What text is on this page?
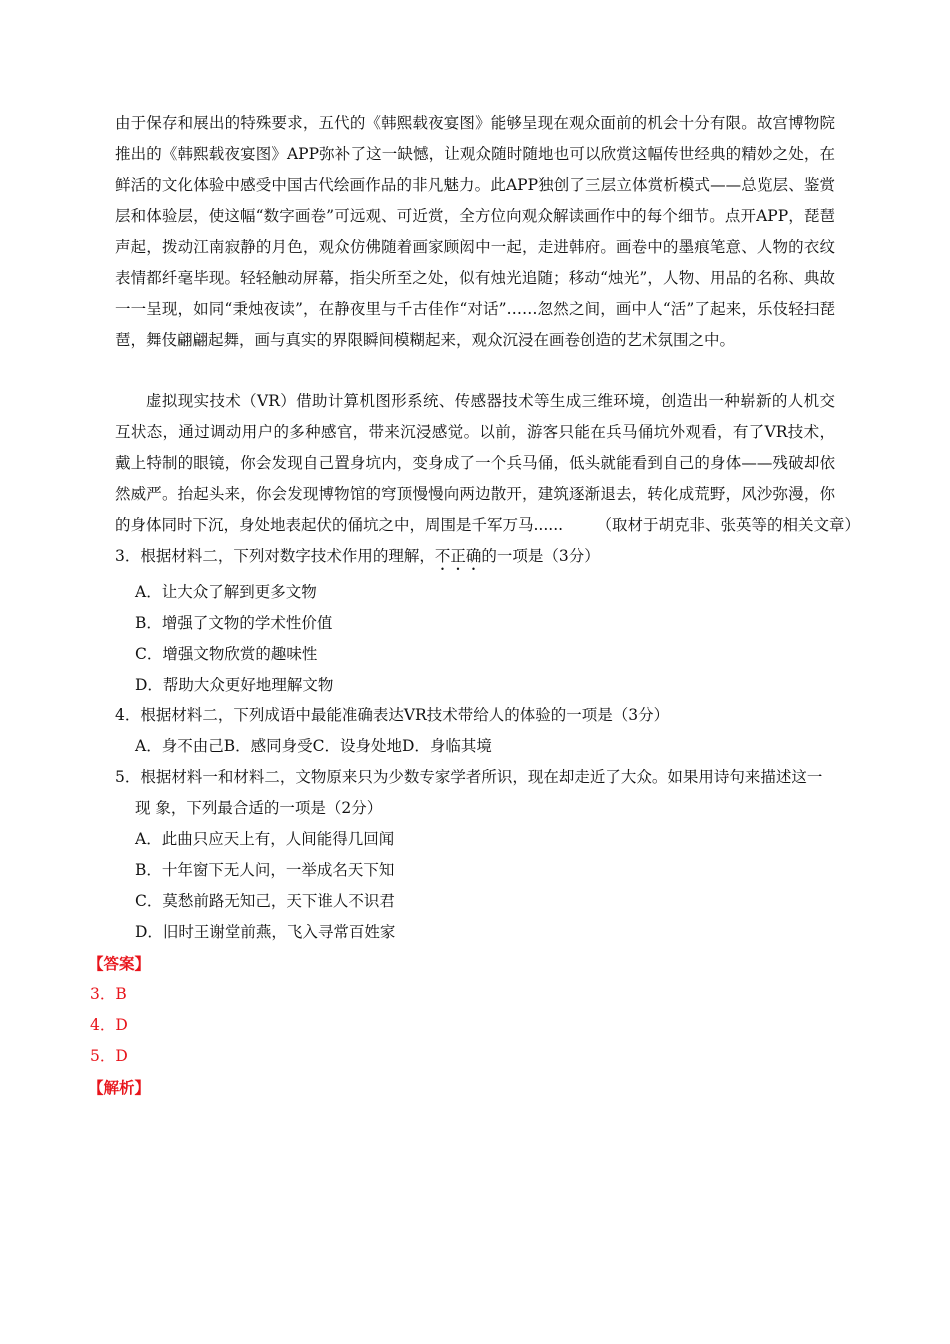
由于保存和展出的特殊要求，五代的《韩熙载夜宴图》能够呈现在观众面前的机会十分有限。故宫博物院推出的《韩熙载夜宴图》APP弥补了这一缺憾，让观众随时随地也可以欣赏这幅传世经典的精妙之处，在鲜活的文化体验中感受中国古代绘画作品的非凡魅力。此APP独创了三层立体赏析模式——总览层、鉴赏层和体验层，使这幅“数字画卷”可远观、可近赏，全方位向观众解读画作中的每个细节。点开APP，琵琶声起，拨动江南寂静的月色，观众仿佛随着画家顾闳中一起，走进韩府。画卷中的墨痕笔意、人物的衣纹表情都纤毫毕现。轻轻触动屏幕，指尖所至之处，似有烛光追随；移动“烛光”，人物、用品的名称、典故一一呈现，如同“秉烛夜读”，在静夜里与千古佳作“对话”……忽然之间，画中人“活”了起来，乐伎轻扫琵琶，舞伎翩翩起舞，画与真实的界限瞬间模糊起来，观众沉浸在画卷创造的艺术氛围之中。

虚拟现实技术（VR）借助计算机图形系统、传感器技术等生成三维环境，创造出一种崭新的人机交互状态，通过调动用户的多种感官，带来沉浸感觉。以前，游客只能在兵马俑坑外观看，有了VR技术，戴上特制的眼镜，你会发现自己置身坑内，变身成了一个兵马俑，低头就能看到自己的身体——残破却依然威严。抬起头来，你会发现博物馆的穹顶慢慢向两边散开，建筑逐渐退去，转化成荒野，风沙弥漫，你的身体同时下沉，身处地表起伏的俑坑之中，周围是千军万马......	（取材于胡克非、张英等的相关文章）

3．根据材料二，下列对数字技术作用的理解，不正确的一项是（3分）

A．让大众了解到更多文物

B．增强了文物的学术性价值

C．增强文物欣赏的趣味性

D．帮助大众更好地理解文物

4．根据材料二，下列成语中最能准确表达VR技术带给人的体验的一项是（3分）

A．身不由己B．感同身受C．设身处地D．身临其境

5．根据材料一和材料二，文物原来只为少数专家学者所识，现在却走近了大众。如果用诗句来描述这一
现 象，下列最合适的一项是（2分）

A．此曲只应天上有，人间能得几回闻

B．十年窗下无人问，一举成名天下知

C．莫愁前路无知己，天下谁人不识君

D．旧时王谢堂前燕，飞入寻常百姓家

【答案】

3．B

4．D

5．D

【解析】
